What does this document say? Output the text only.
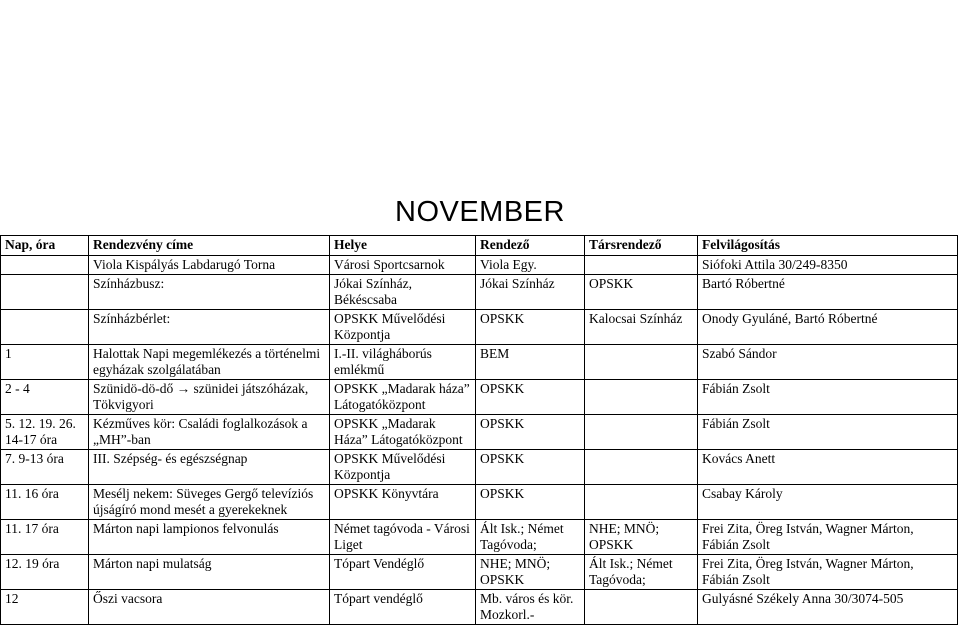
NOVEMBER
Nap, óra	Rendezvény címe	Helye	Rendező	Társrendező	Felvilágosítás
	Viola Kispályás Labdarugó Torna	Városi Sportcsarnok	Viola Egy.		Siófoki Attila 30/249-8350
	Színházbusz:	Jókai Színház, Békéscsaba	Jókai Színház	OPSKK	Bartó Róbertné
	Színházbérlet:	OPSKK Művelődési Központja	OPSKK	Kalocsai Színház	Onody Gyuláné, Bartó Róbertné
1	Halottak Napi megemlékezés a történelmi egyházak szolgálatában	I.-II. világháborús emlékmű	BEM		Szabó Sándor
2 - 4	Szünidö-dö-dő → szünidei játszóházak, Tökvigyori	OPSKK „Madarak háza” Látogatóközpont	OPSKK		Fábián Zsolt
5. 12. 19. 26. 14-17 óra	Kézműves kör: Családi foglalkozások a „MH”-ban	OPSKK „Madarak Háza” Látogatóközpont	OPSKK		Fábián Zsolt
7. 9-13 óra	III. Szépség- és egészségnap	OPSKK Művelődési Központja	OPSKK		Kovács Anett
11. 16 óra	Mesélj nekem: Süveges Gergő televíziós újságíró mond mesét a gyerekeknek	OPSKK Könyvtára	OPSKK		Csabay Károly
11. 17 óra	Márton napi lampionos felvonulás	Német tagóvoda - Városi Liget	Ált Isk.; Német Tagóvoda;	NHE; MNÖ; OPSKK	Frei Zita, Öreg István, Wagner Márton, Fábián Zsolt
12. 19 óra	Márton napi mulatság	Tópart Vendéglő	NHE; MNÖ; OPSKK	Ált Isk.; Német Tagóvoda;	Frei Zita, Öreg István, Wagner Márton, Fábián Zsolt
12	Őszi vacsora	Tópart vendéglő	Mb. város és kör. Mozkorl.-		Gulyásné Székely Anna 30/3074-505
